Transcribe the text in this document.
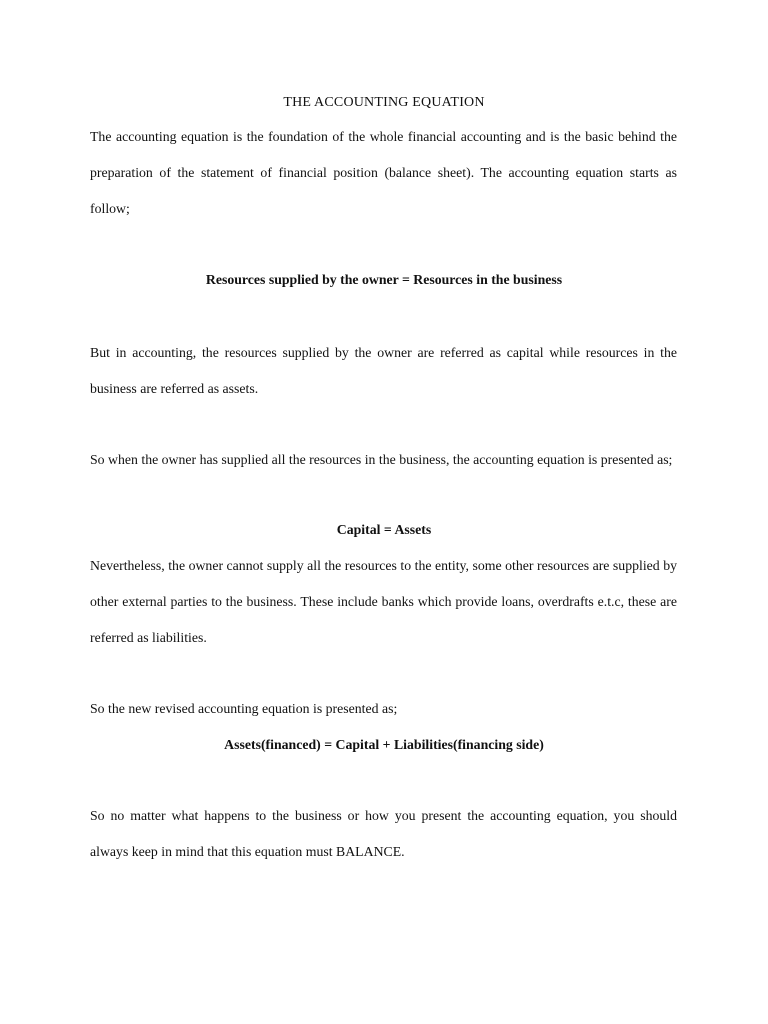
THE ACCOUNTING EQUATION

The accounting equation is the foundation of the whole financial accounting and is the basic behind the preparation of the statement of financial position (balance sheet). The accounting equation starts as follow;

Resources supplied by the owner = Resources in the business

But in accounting, the resources supplied by the owner are referred as capital while resources in the business are referred as assets.

So when the owner has supplied all the resources in the business, the accounting equation is presented as;

Capital = Assets

Nevertheless, the owner cannot supply all the resources to the entity, some other resources are supplied by other external parties to the business. These include banks which provide loans, overdrafts e.t.c, these are referred as liabilities.

So the new revised accounting equation is presented as;

Assets(financed) = Capital + Liabilities(financing side)

So no matter what happens to the business or how you present the accounting equation, you should always keep in mind that this equation must BALANCE.
